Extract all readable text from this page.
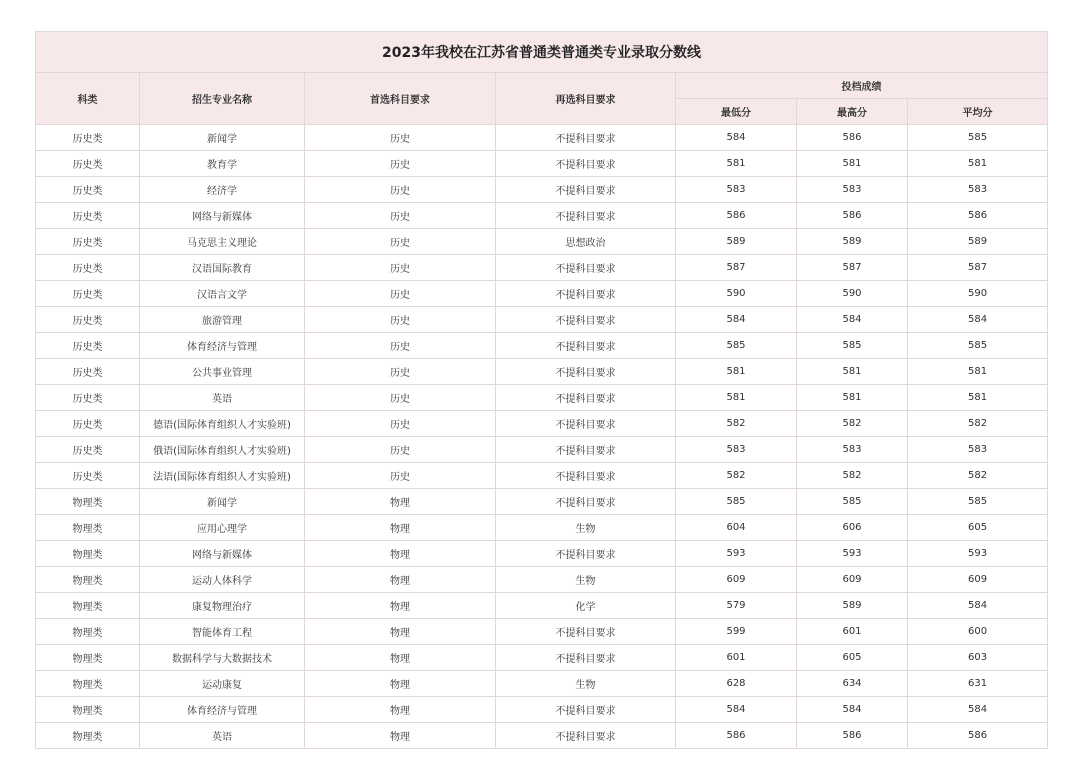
2023年我校在江苏省普通类普通类专业录取分数线						
科类	招生专业名称	首选科目要求	再选科目要求	投档成绩		
				最低分	最高分	平均分
历史类	新闻学	历史	不提科目要求	584	586	585
历史类	教育学	历史	不提科目要求	581	581	581
历史类	经济学	历史	不提科目要求	583	583	583
历史类	网络与新媒体	历史	不提科目要求	586	586	586
历史类	马克思主义理论	历史	思想政治	589	589	589
历史类	汉语国际教育	历史	不提科目要求	587	587	587
历史类	汉语言文学	历史	不提科目要求	590	590	590
历史类	旅游管理	历史	不提科目要求	584	584	584
历史类	体育经济与管理	历史	不提科目要求	585	585	585
历史类	公共事业管理	历史	不提科目要求	581	581	581
历史类	英语	历史	不提科目要求	581	581	581
历史类	德语(国际体育组织人才实验班)	历史	不提科目要求	582	582	582
历史类	俄语(国际体育组织人才实验班)	历史	不提科目要求	583	583	583
历史类	法语(国际体育组织人才实验班)	历史	不提科目要求	582	582	582
物理类	新闻学	物理	不提科目要求	585	585	585
物理类	应用心理学	物理	生物	604	606	605
物理类	网络与新媒体	物理	不提科目要求	593	593	593
物理类	运动人体科学	物理	生物	609	609	609
物理类	康复物理治疗	物理	化学	579	589	584
物理类	智能体育工程	物理	不提科目要求	599	601	600
物理类	数据科学与大数据技术	物理	不提科目要求	601	605	603
物理类	运动康复	物理	生物	628	634	631
物理类	体育经济与管理	物理	不提科目要求	584	584	584
物理类	英语	物理	不提科目要求	586	586	586
